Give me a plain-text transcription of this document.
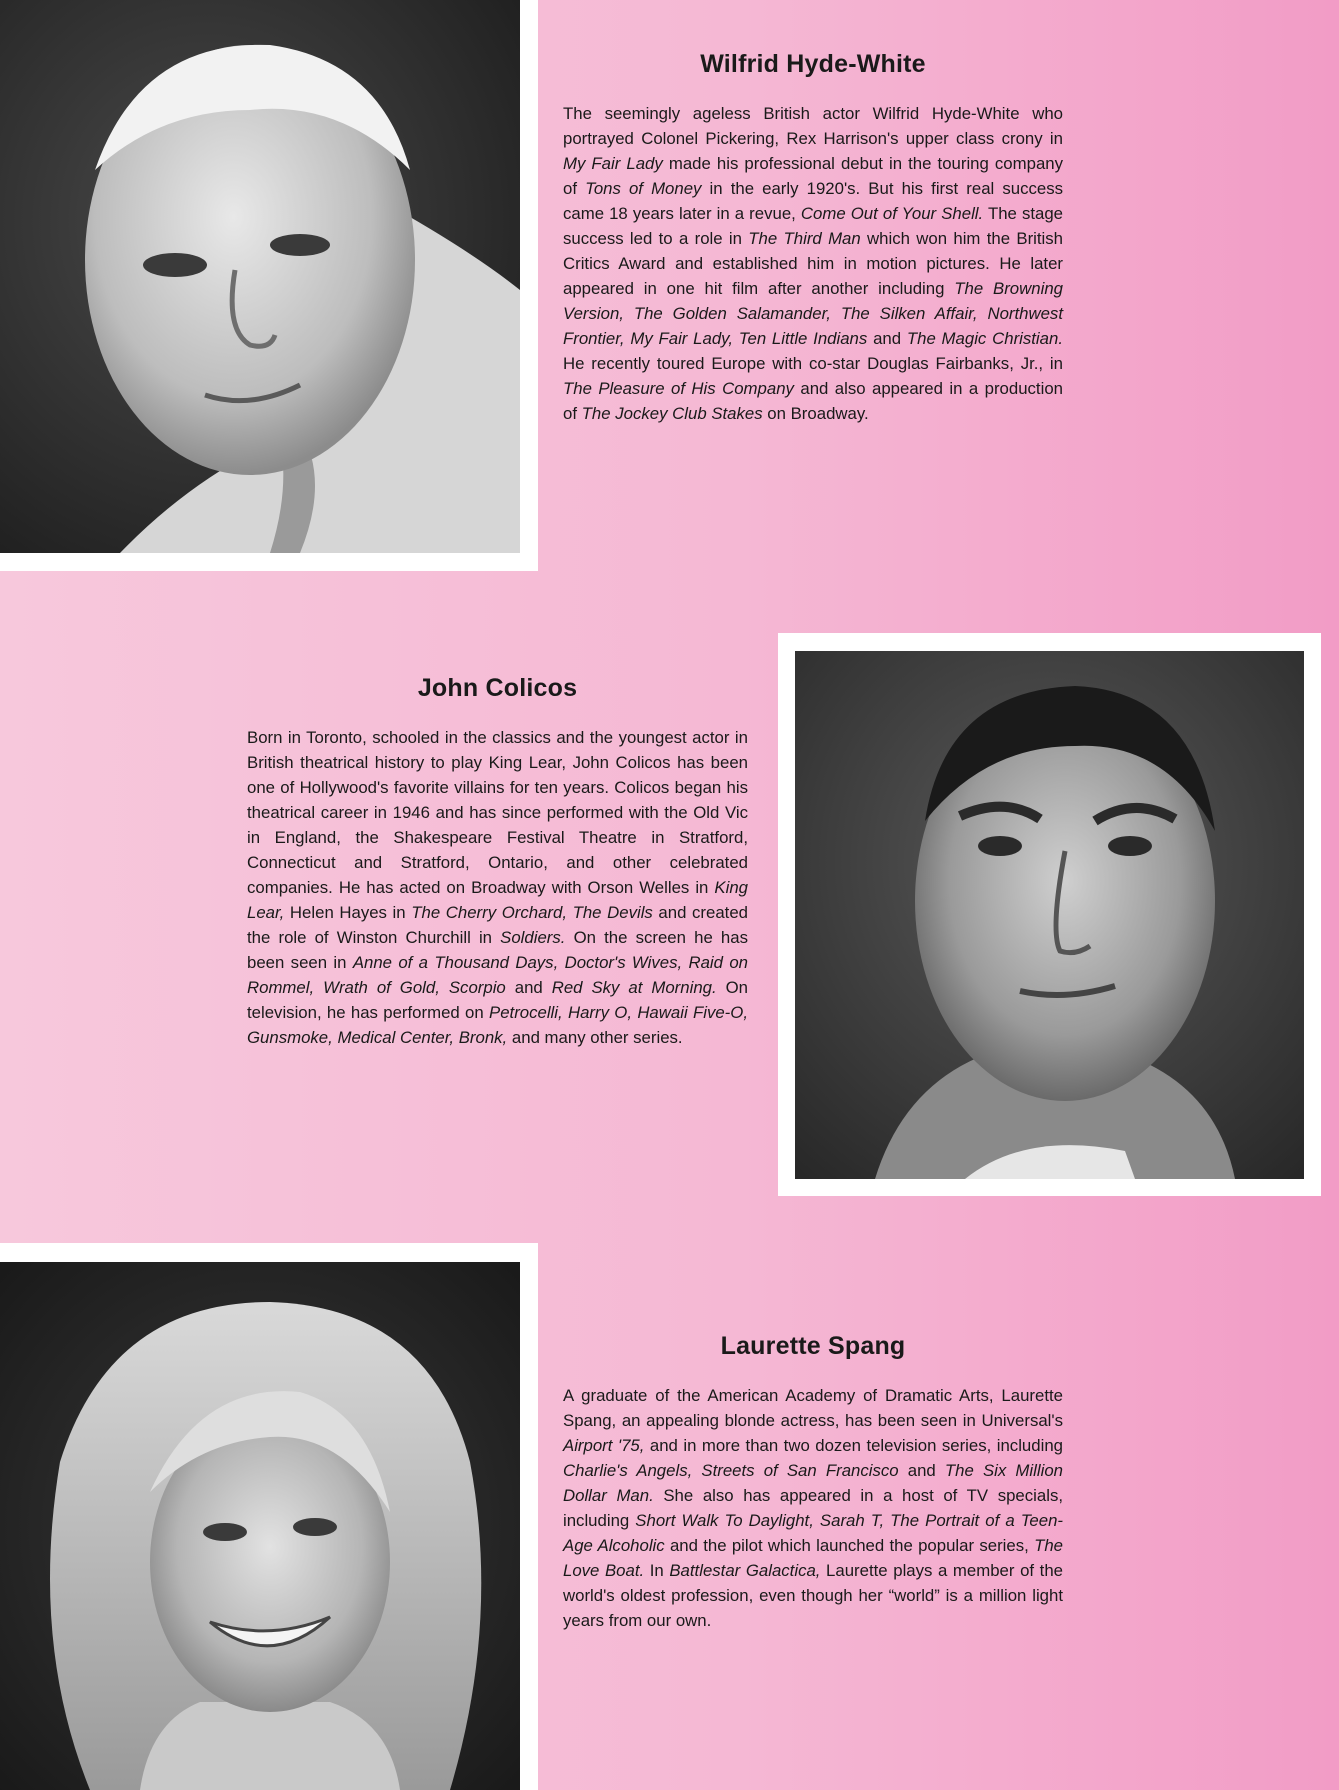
Wilfrid Hyde-White

The seemingly ageless British actor Wilfrid Hyde-White who portrayed Colonel Pickering, Rex Harrison's upper class crony in My Fair Lady made his professional debut in the touring company of Tons of Money in the early 1920's. But his first real success came 18 years later in a revue, Come Out of Your Shell. The stage success led to a role in The Third Man which won him the British Critics Award and established him in motion pictures. He later appeared in one hit film after another including The Browning Version, The Golden Salamander, The Silken Affair, Northwest Frontier, My Fair Lady, Ten Little Indians and The Magic Christian. He recently toured Europe with co-star Douglas Fairbanks, Jr., in The Pleasure of His Company and also appeared in a production of The Jockey Club Stakes on Broadway.

John Colicos

Born in Toronto, schooled in the classics and the youngest actor in British theatrical history to play King Lear, John Colicos has been one of Hollywood's favorite villains for ten years. Colicos began his theatrical career in 1946 and has since performed with the Old Vic in England, the Shakespeare Festival Theatre in Stratford, Connecticut and Stratford, Ontario, and other celebrated companies. He has acted on Broadway with Orson Welles in King Lear, Helen Hayes in The Cherry Orchard, The Devils and created the role of Winston Churchill in Soldiers. On the screen he has been seen in Anne of a Thousand Days, Doctor's Wives, Raid on Rommel, Wrath of Gold, Scorpio and Red Sky at Morning. On television, he has performed on Petrocelli, Harry O, Hawaii Five-O, Gunsmoke, Medical Center, Bronk, and many other series.

Laurette Spang

A graduate of the American Academy of Dramatic Arts, Laurette Spang, an appealing blonde actress, has been seen in Universal's Airport '75, and in more than two dozen television series, including Charlie's Angels, Streets of San Francisco and The Six Million Dollar Man. She also has appeared in a host of TV specials, including Short Walk To Daylight, Sarah T, The Portrait of a Teen-Age Alcoholic and the pilot which launched the popular series, The Love Boat. In Battlestar Galactica, Laurette plays a member of the world's oldest profession, even though her “world” is a million light years from our own.
